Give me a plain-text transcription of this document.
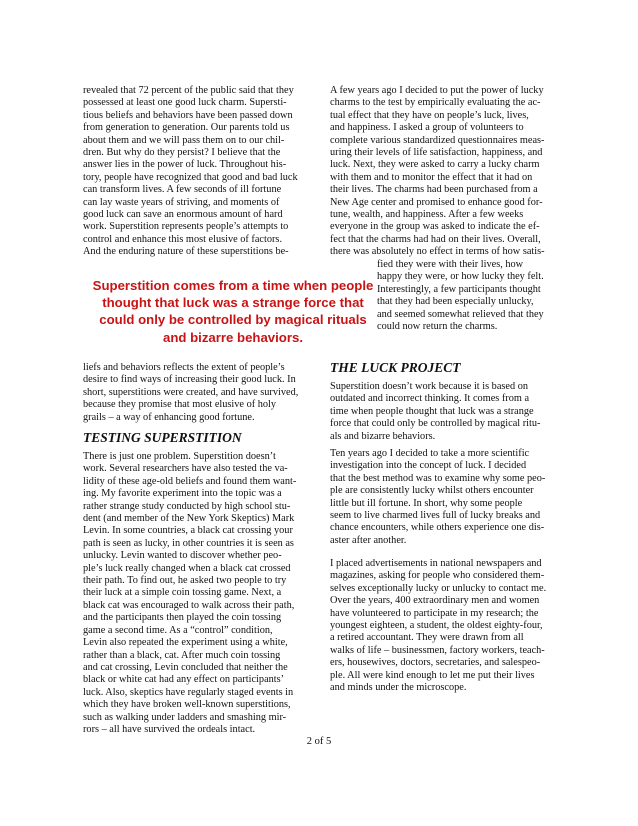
revealed that 72 percent of the public said that they
possessed at least one good luck charm. Supersti-
tious beliefs and behaviors have been passed down
from generation to generation. Our parents told us
about them and we will pass them on to our chil-
dren. But why do they persist? I believe that the
answer lies in the power of luck. Throughout his-
tory, people have recognized that good and bad luck
can transform lives. A few seconds of ill fortune
can lay waste years of striving, and moments of
good luck can save an enormous amount of hard
work. Superstition represents people’s attempts to
control and enhance this most elusive of factors.
And the enduring nature of these superstitions be-

A few years ago I decided to put the power of lucky
charms to the test by empirically evaluating the ac-
tual effect that they have on people’s luck, lives,
and happiness. I asked a group of volunteers to
complete various standardized questionnaires meas-
uring their levels of life satisfaction, happiness, and
luck. Next, they were asked to carry a lucky charm
with them and to monitor the effect that it had on
their lives. The charms had been purchased from a
New Age center and promised to enhance good for-
tune, wealth, and happiness. After a few weeks
everyone in the group was asked to indicate the ef-
fect that the charms had had on their lives. Overall,
there was absolutely no effect in terms of how satis-

fied they were with their lives, how
happy they were, or how lucky they felt.
Interestingly, a few participants thought
that they had been especially unlucky,
and seemed somewhat relieved that they
could now return the charms.

Superstition comes from a time when people
thought that luck was a strange force that
could only be controlled by magical rituals
and bizarre behaviors.

liefs and behaviors reflects the extent of people’s
desire to find ways of increasing their good luck. In
short, superstitions were created, and have survived,
because they promise that most elusive of holy
grails – a way of enhancing good fortune.

TESTING SUPERSTITION

There is just one problem. Superstition doesn’t
work. Several researchers have also tested the va-
lidity of these age-old beliefs and found them want-
ing. My favorite experiment into the topic was a
rather strange study conducted by high school stu-
dent (and member of the New York Skeptics) Mark
Levin. In some countries, a black cat crossing your
path is seen as lucky, in other countries it is seen as
unlucky. Levin wanted to discover whether peo-
ple’s luck really changed when a black cat crossed
their path. To find out, he asked two people to try
their luck at a simple coin tossing game. Next, a
black cat was encouraged to walk across their path,
and the participants then played the coin tossing
game a second time. As a “control” condition,
Levin also repeated the experiment using a white,
rather than a black, cat. After much coin tossing
and cat crossing, Levin concluded that neither the
black or white cat had any effect on participants’
luck. Also, skeptics have regularly staged events in
which they have broken well-known superstitions,
such as walking under ladders and smashing mir-
rors – all have survived the ordeals intact.

THE LUCK PROJECT

Superstition doesn’t work because it is based on
outdated and incorrect thinking. It comes from a
time when people thought that luck was a strange
force that could only be controlled by magical ritu-
als and bizarre behaviors.

Ten years ago I decided to take a more scientific
investigation into the concept of luck. I decided
that the best method was to examine why some peo-
ple are consistently lucky whilst others encounter
little but ill fortune. In short, why some people
seem to live charmed lives full of lucky breaks and
chance encounters, while others experience one dis-
aster after another.

I placed advertisements in national newspapers and
magazines, asking for people who considered them-
selves exceptionally lucky or unlucky to contact me.
Over the years, 400 extraordinary men and women
have volunteered to participate in my research; the
youngest eighteen, a student, the oldest eighty-four,
a retired accountant. They were drawn from all
walks of life – businessmen, factory workers, teach-
ers, housewives, doctors, secretaries, and salespeo-
ple. All were kind enough to let me put their lives
and minds under the microscope.

2 of 5
